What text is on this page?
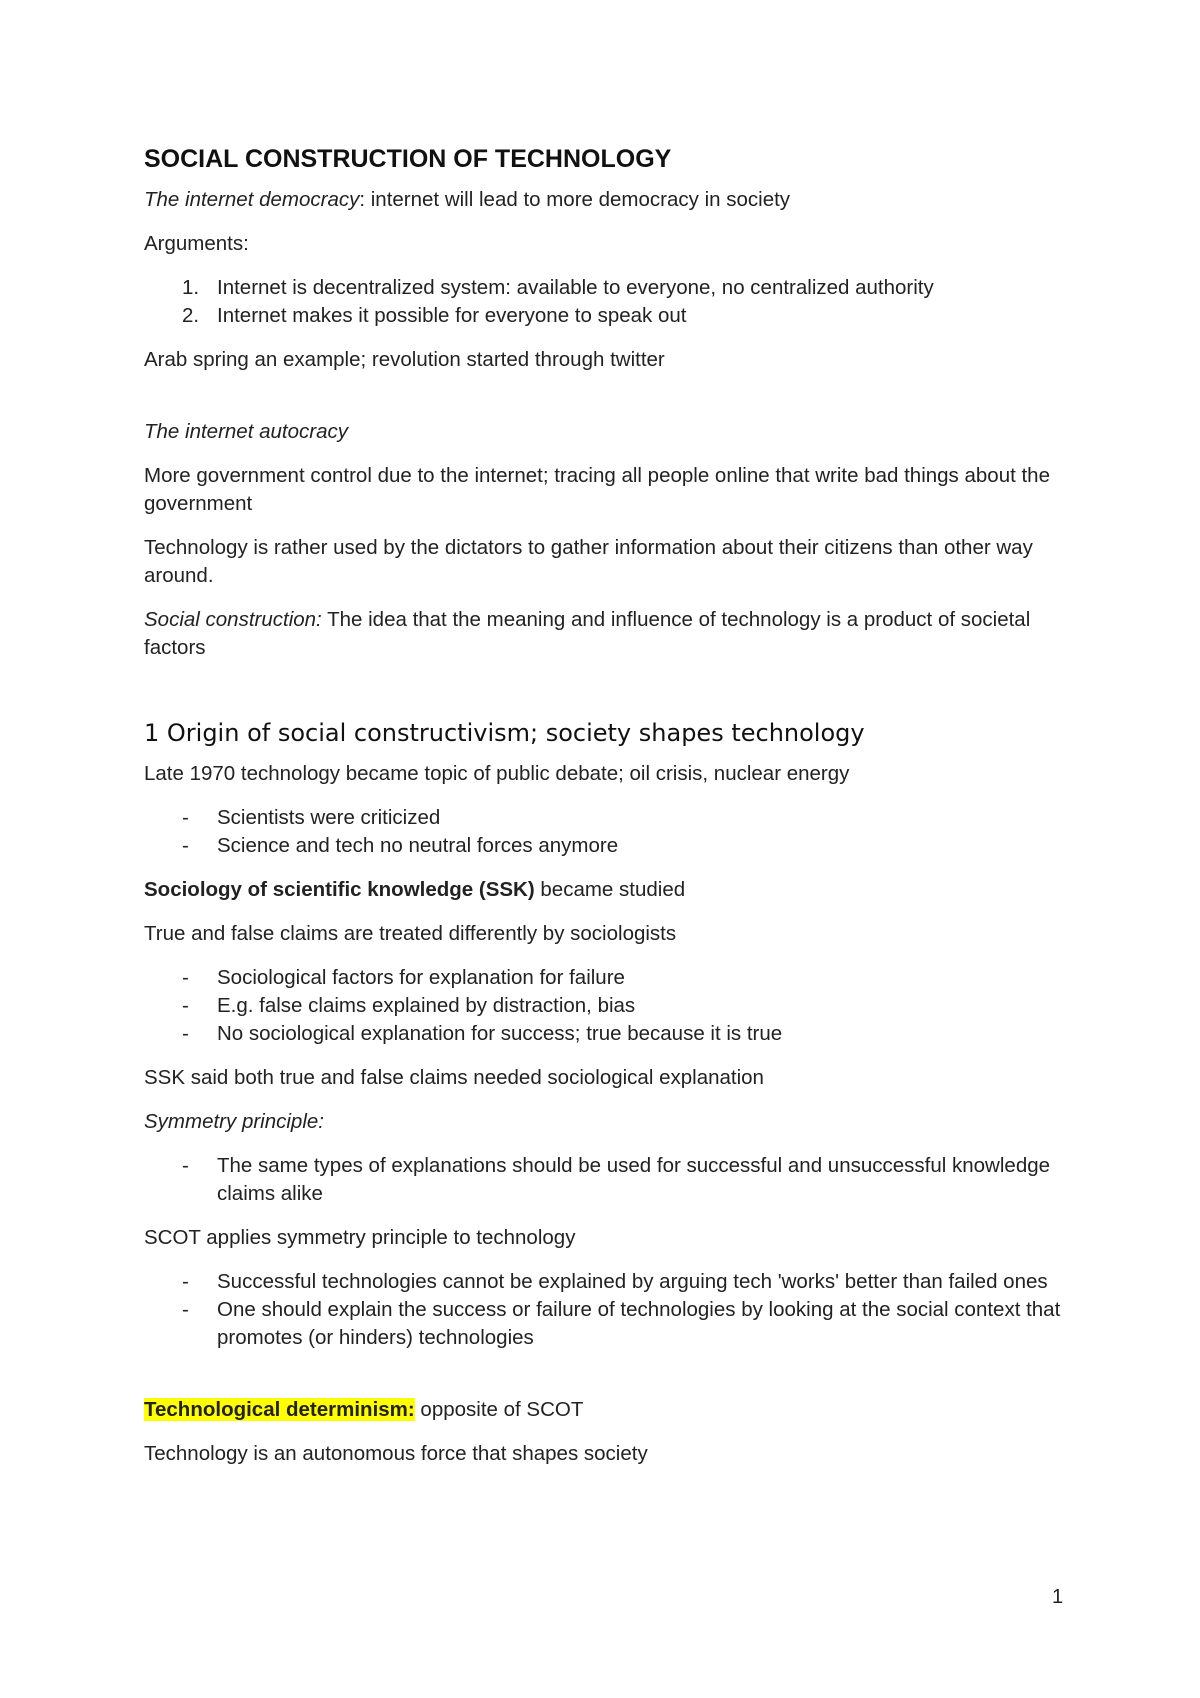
SOCIAL CONSTRUCTION OF TECHNOLOGY

The internet democracy: internet will lead to more democracy in society

Arguments:

1. Internet is decentralized system: available to everyone, no centralized authority
2. Internet makes it possible for everyone to speak out

Arab spring an example; revolution started through twitter

The internet autocracy

More government control due to the internet; tracing all people online that write bad things about the government

Technology is rather used by the dictators to gather information about their citizens than other way around.

Social construction: The idea that the meaning and influence of technology is a product of societal factors

1 Origin of social constructivism; society shapes technology

Late 1970 technology became topic of public debate; oil crisis, nuclear energy

- Scientists were criticized
- Science and tech no neutral forces anymore

Sociology of scientific knowledge (SSK) became studied

True and false claims are treated differently by sociologists

- Sociological factors for explanation for failure
- E.g. false claims explained by distraction, bias
- No sociological explanation for success; true because it is true

SSK said both true and false claims needed sociological explanation

Symmetry principle:

- The same types of explanations should be used for successful and unsuccessful knowledge claims alike

SCOT applies symmetry principle to technology

- Successful technologies cannot be explained by arguing tech 'works' better than failed ones
- One should explain the success or failure of technologies by looking at the social context that promotes (or hinders) technologies

Technological determinism: opposite of SCOT

Technology is an autonomous force that shapes society

1
